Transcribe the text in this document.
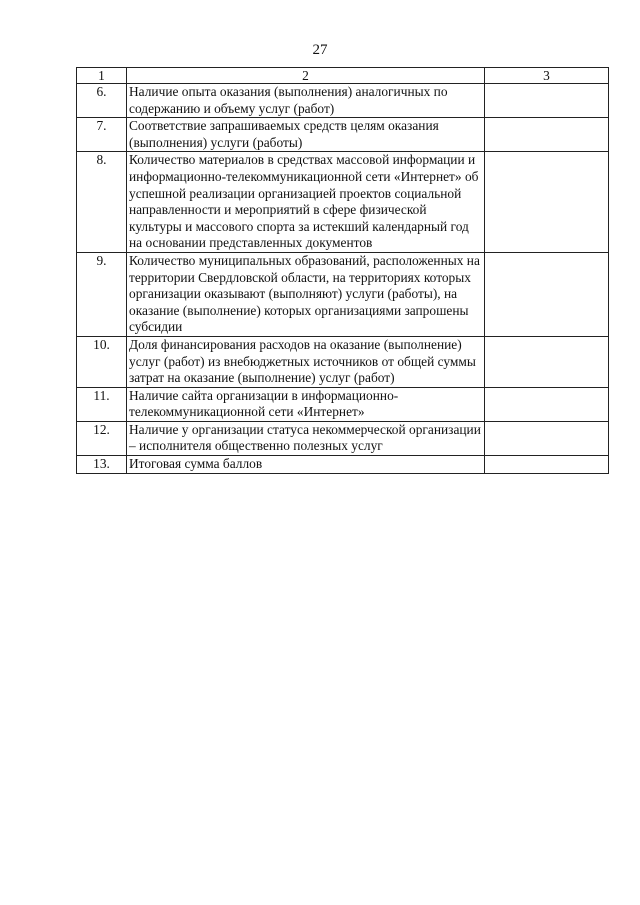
27
1	2	3
6.	Наличие опыта оказания (выполнения) аналогичных по содержанию и объему услуг (работ)	
7.	Соответствие запрашиваемых средств целям оказания (выполнения) услуги (работы)	
8.	Количество материалов в средствах массовой информации и информационно-телекоммуникационной сети «Интернет» об успешной реализации организацией проектов социальной направленности и мероприятий в сфере физической культуры и массового спорта за истекший календарный год на основании представленных документов	
9.	Количество муниципальных образований, расположенных на территории Свердловской области, на территориях которых организации оказывают (выполняют) услуги (работы), на оказание (выполнение) которых организациями запрошены субсидии	
10.	Доля финансирования расходов на оказание (выполнение) услуг (работ) из внебюджетных источников от общей суммы затрат на оказание (выполнение) услуг (работ)	
11.	Наличие сайта организации в информационно-телекоммуникационной сети «Интернет»	
12.	Наличие у организации статуса некоммерческой организации – исполнителя общественно полезных услуг	
13.	Итоговая сумма баллов	
